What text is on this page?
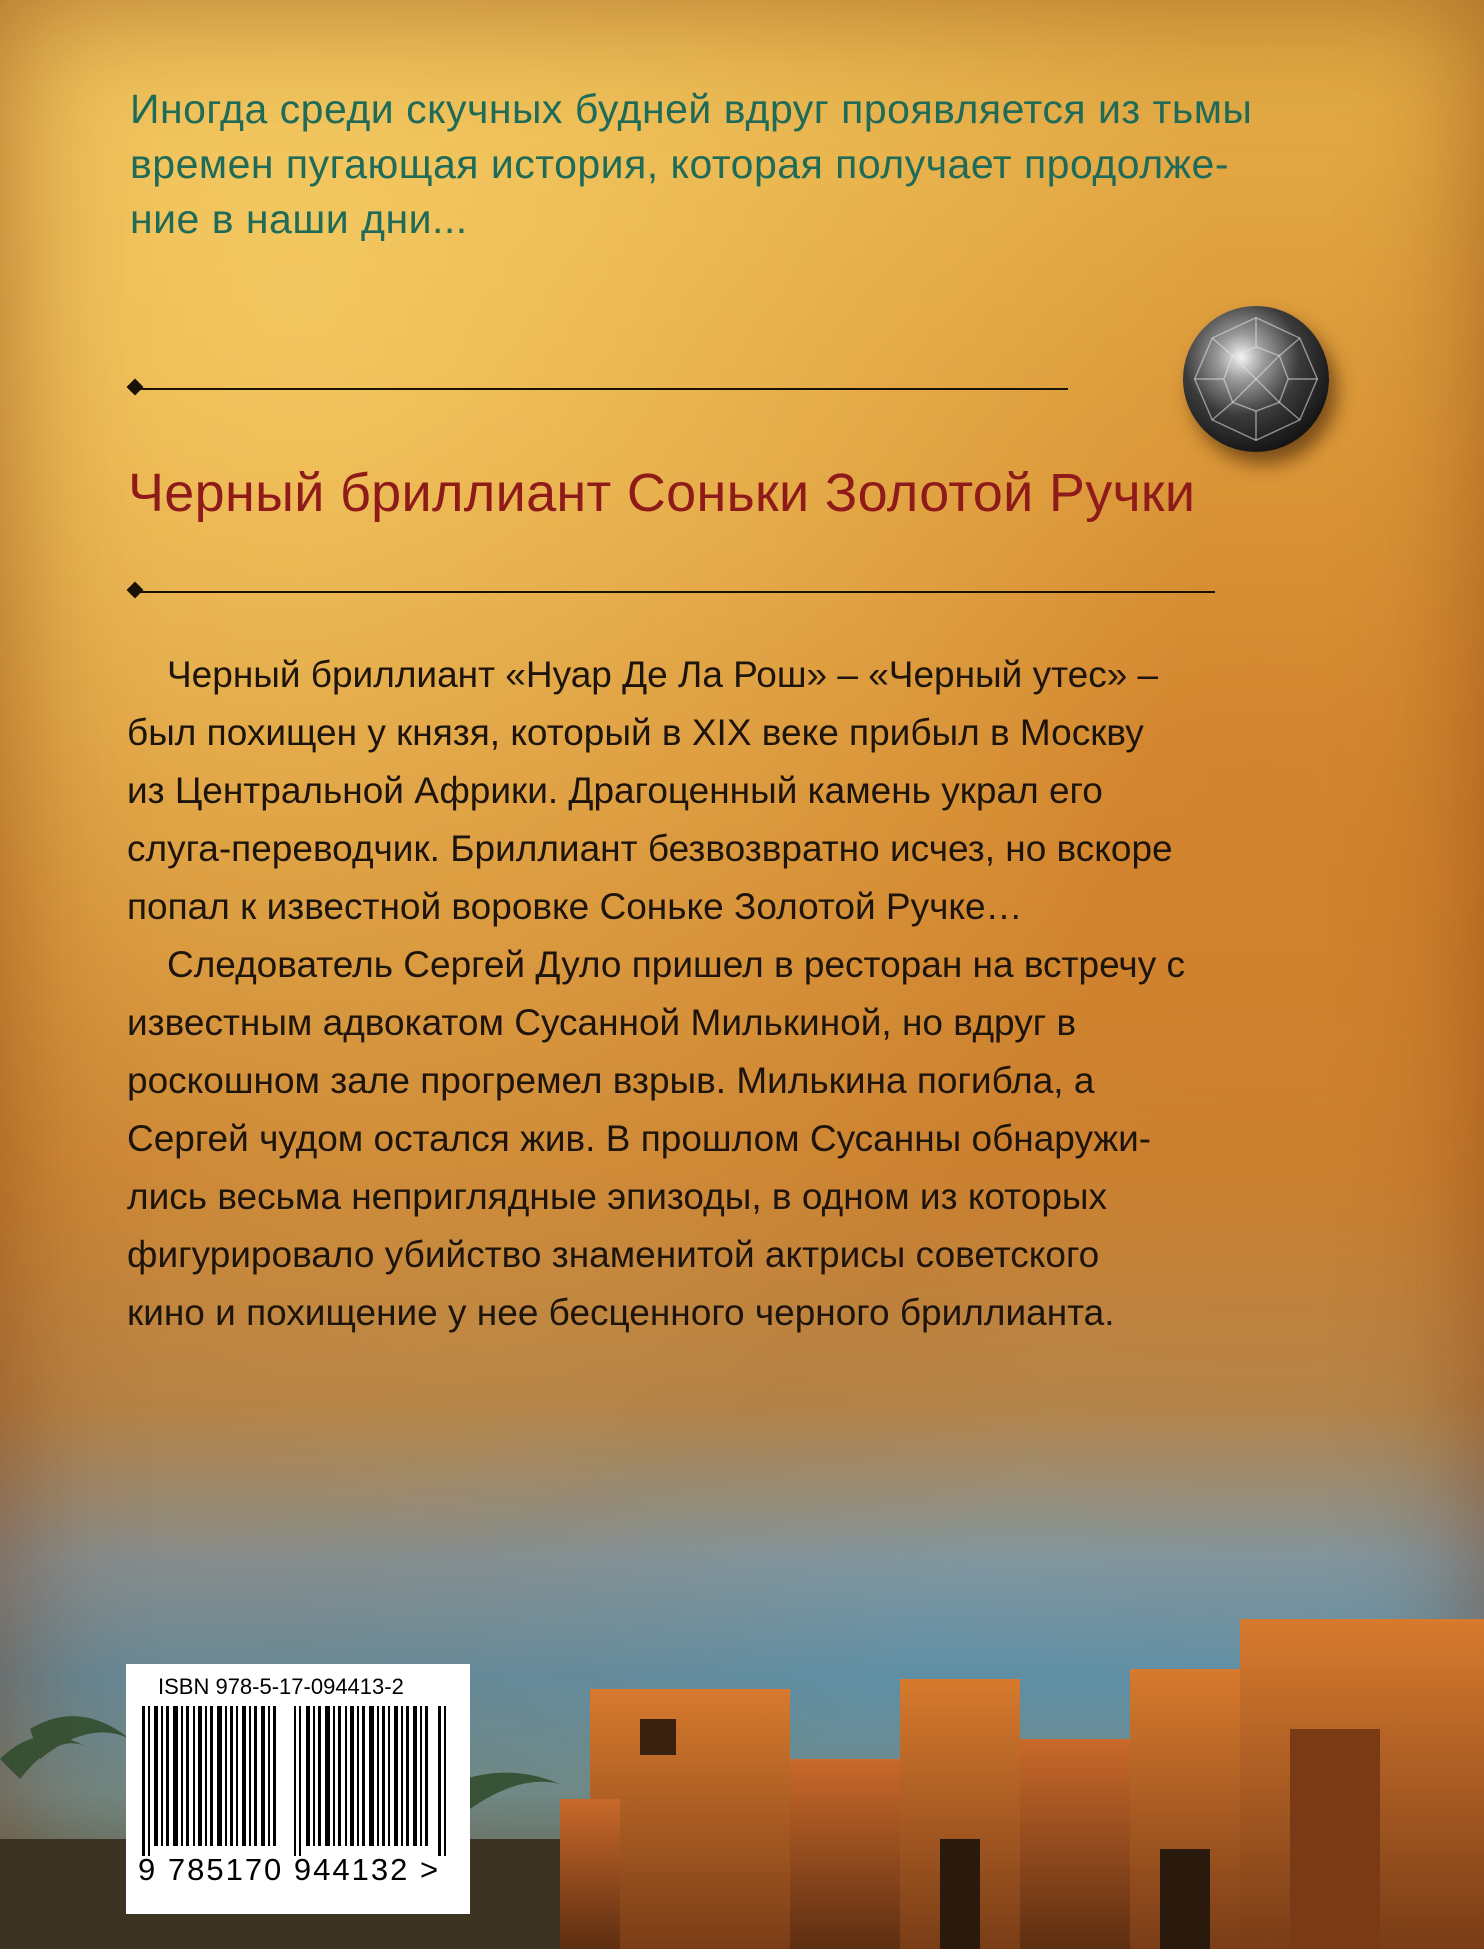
Иногда среди скучных будней вдруг проявляется из тьмы
времен пугающая история, которая получает продолже-
ние в наши дни...

Черный бриллиант Соньки Золотой Ручки
Черный бриллиант «Нуар Де Ла Рош» – «Черный утес» –
был похищен у князя, который в XIX веке прибыл в Москву
из Центральной Африки. Драгоценный камень украл его
слуга-переводчик. Бриллиант безвозвратно исчез, но вскоре
попал к известной воровке Соньке Золотой Ручке…
Следователь Сергей Дуло пришел в ресторан на встречу с
известным адвокатом Сусанной Милькиной, но вдруг в
роскошном зале прогремел взрыв. Милькина погибла, а
Сергей чудом остался жив. В прошлом Сусанны обнаружи-
лись весьма неприглядные эпизоды, в одном из которых
фигурировало убийство знаменитой актрисы советского
кино и похищение у нее бесценного черного бриллианта.
ISBN 978-5-17-094413-2
9 785170 944132 >
